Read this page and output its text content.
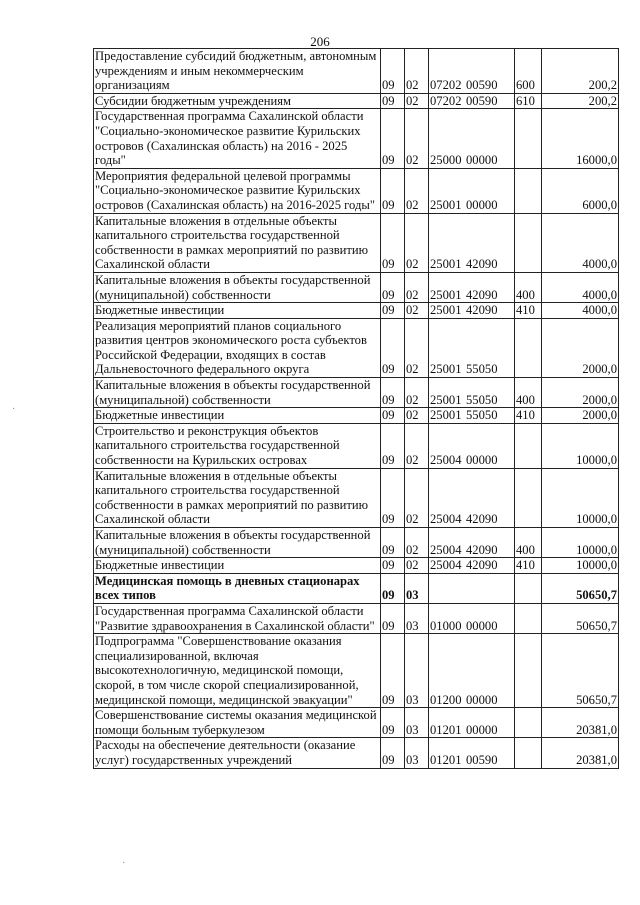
206
·
·
Предоставление субсидий бюджетным, автономным учреждениям и иным некоммерческим организациям	09	02	07202 00590	600	200,2
Субсидии бюджетным учреждениям	09	02	07202 00590	610	200,2
Государственная программа Сахалинской области "Социально-экономическое развитие Курильских островов (Сахалинская область) на 2016 - 2025 годы"	09	02	25000 00000		16000,0
Мероприятия федеральной целевой программы "Социально-экономическое развитие Курильских островов (Сахалинская область) на 2016-2025 годы"	09	02	25001 00000		6000,0
Капитальные вложения в отдельные объекты капитального строительства государственной собственности в рамках мероприятий по развитию Сахалинской области	09	02	25001 42090		4000,0
Капитальные вложения в объекты государственной (муниципальной) собственности	09	02	25001 42090	400	4000,0
Бюджетные инвестиции	09	02	25001 42090	410	4000,0
Реализация мероприятий планов социального развития центров экономического роста субъектов Российской Федерации, входящих в состав Дальневосточного федерального округа	09	02	25001 55050		2000,0
Капитальные вложения в объекты государственной (муниципальной) собственности	09	02	25001 55050	400	2000,0
Бюджетные инвестиции	09	02	25001 55050	410	2000,0
Строительство и реконструкция объектов капитального строительства государственной собственности на Курильских островах	09	02	25004 00000		10000,0
Капитальные вложения в отдельные объекты капитального строительства государственной собственности в рамках мероприятий по развитию Сахалинской области	09	02	25004 42090		10000,0
Капитальные вложения в объекты государственной (муниципальной) собственности	09	02	25004 42090	400	10000,0
Бюджетные инвестиции	09	02	25004 42090	410	10000,0
Медицинская помощь в дневных стационарах всех типов	09	03			50650,7
Государственная программа Сахалинской области "Развитие здравоохранения в Сахалинской области"	09	03	01000 00000		50650,7
Подпрограмма "Совершенствование оказания специализированной, включая высокотехнологичную, медицинской помощи, скорой, в том числе скорой специализированной, медицинской помощи, медицинской эвакуации"	09	03	01200 00000		50650,7
Совершенствование системы оказания медицинской помощи больным туберкулезом	09	03	01201 00000		20381,0
Расходы на обеспечение деятельности (оказание услуг) государственных учреждений	09	03	01201 00590		20381,0
